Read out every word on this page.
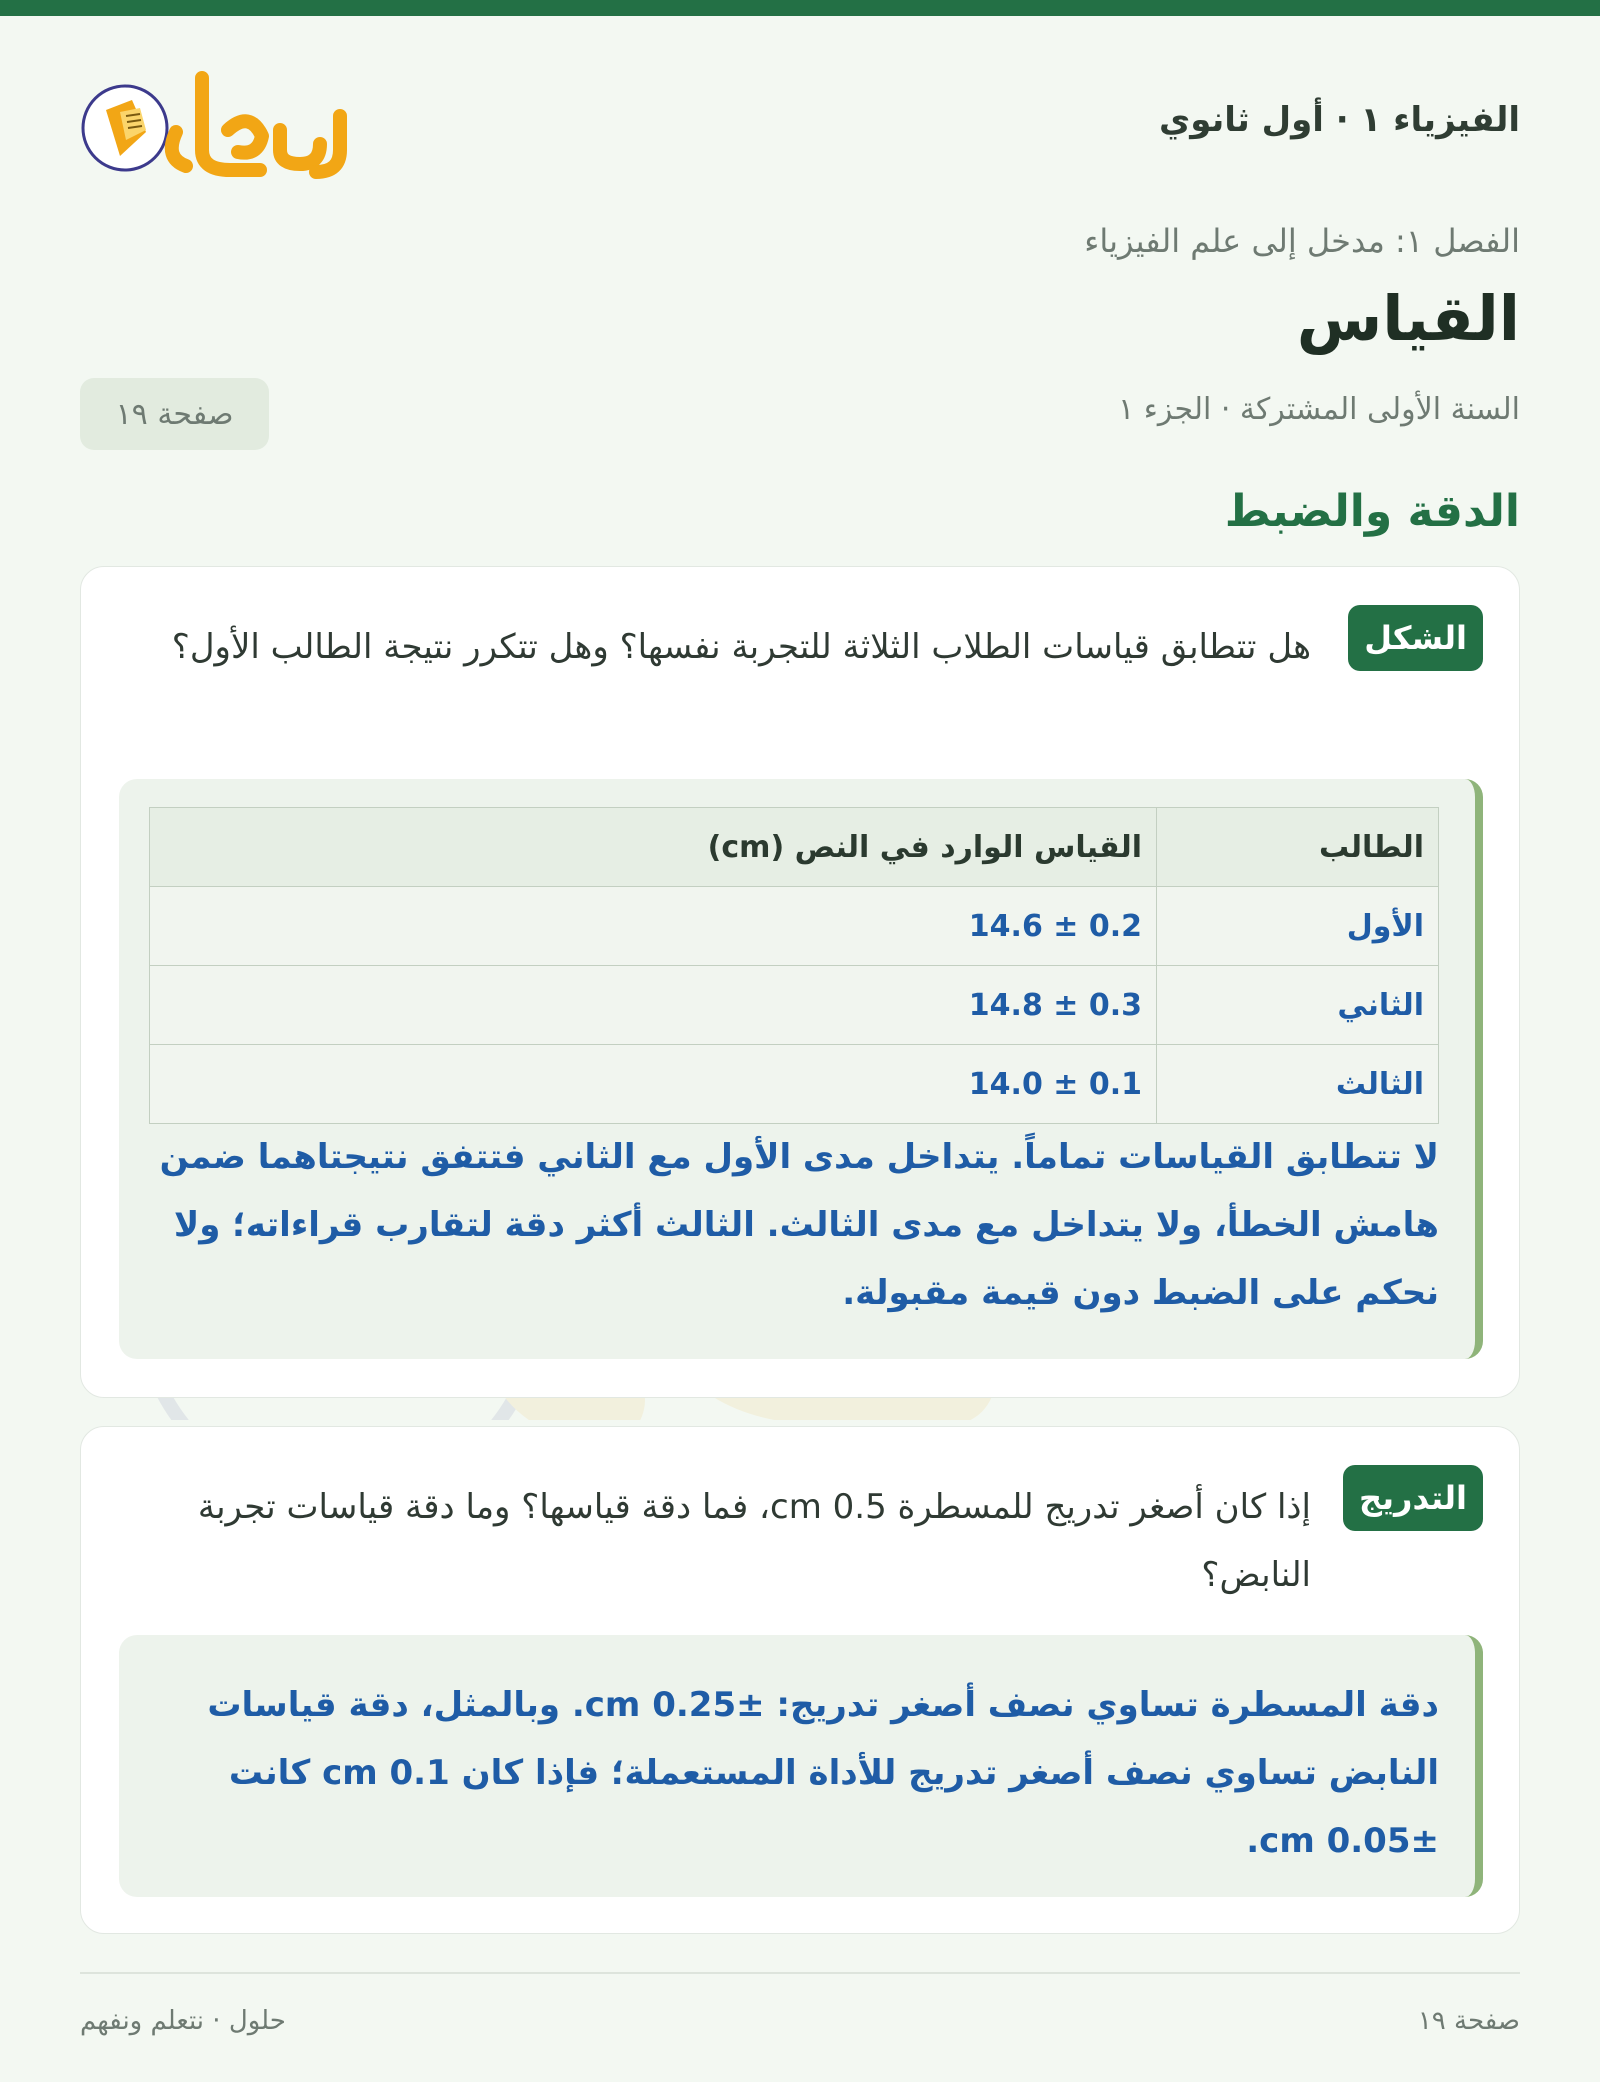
الفيزياء ١ · أول ثانوي
الفصل ١: مدخل إلى علم الفيزياء
القياس
السنة الأولى المشتركة · الجزء ١
صفحة ١٩
الدقة والضبط
الشكل
هل تتطابق قياسات الطلاب الثلاثة للتجربة نفسها؟ وهل تتكرر نتيجة الطالب الأول؟
الطالب	القياس الوارد في النص (cm)
الأول	14.6 ± 0.2
الثاني	14.8 ± 0.3
الثالث	14.0 ± 0.1
لا تتطابق القياسات تماماً. يتداخل مدى الأول مع الثاني فتتفق نتيجتاهما ضمن هامش الخطأ، ولا يتداخل مع مدى الثالث. الثالث أكثر دقة لتقارب قراءاته؛ ولا نحكم على الضبط دون قيمة مقبولة.
التدريج
إذا كان أصغر تدريج للمسطرة 0.5 cm، فما دقة قياسها؟ وما دقة قياسات تجربة النابض؟
دقة المسطرة تساوي نصف أصغر تدريج: ±0.25 cm. وبالمثل، دقة قياسات النابض تساوي نصف أصغر تدريج للأداة المستعملة؛ فإذا كان 0.1 cm كانت ±0.05 cm.
صفحة ١٩
حلول · نتعلم ونفهم
